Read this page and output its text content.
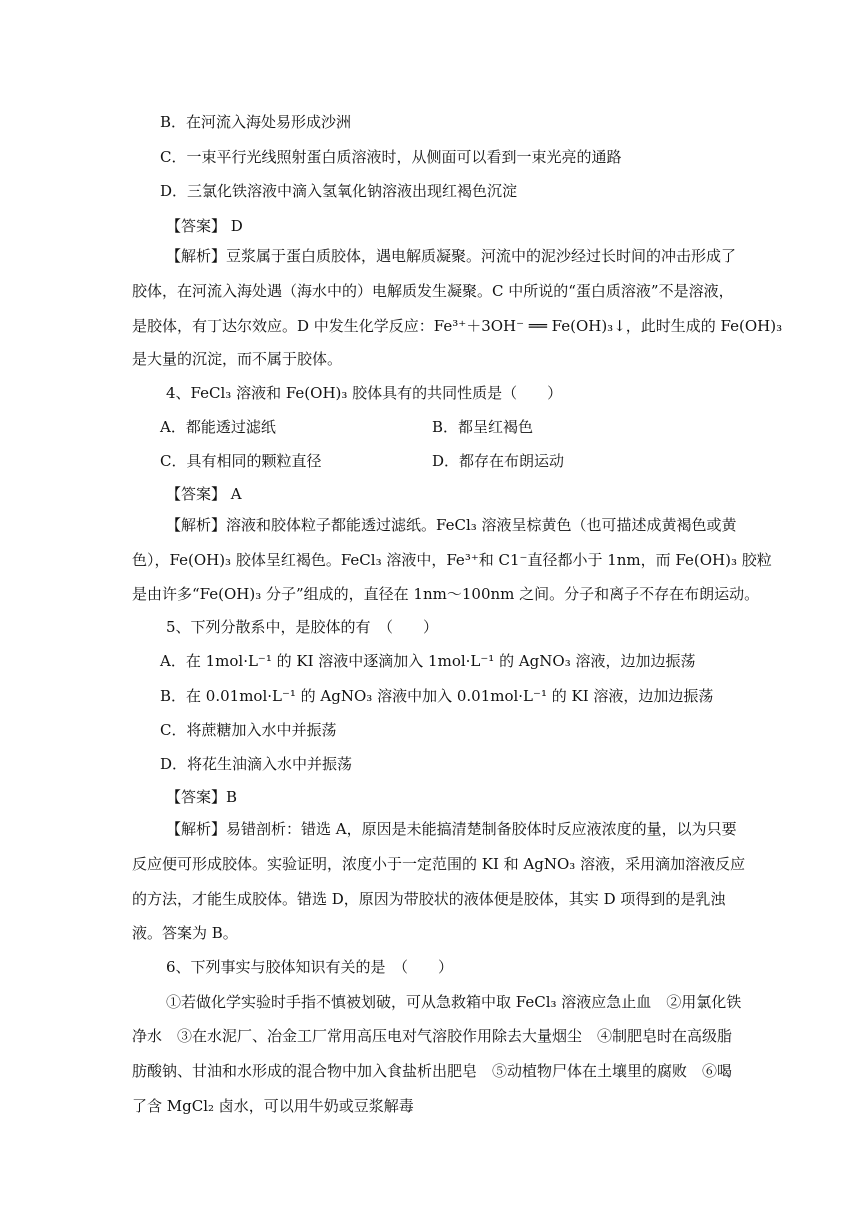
B．在河流入海处易形成沙洲
C．一束平行光线照射蛋白质溶液时，从侧面可以看到一束光亮的通路
D．三氯化铁溶液中滴入氢氧化钠溶液出现红褐色沉淀
【答案】 D
【解析】豆浆属于蛋白质胶体，遇电解质凝聚。河流中的泥沙经过长时间的冲击形成了
胶体，在河流入海处遇（海水中的）电解质发生凝聚。C 中所说的“蛋白质溶液”不是溶液，
是胶体，有丁达尔效应。D 中发生化学反应：Fe³⁺＋3OH⁻ ══ Fe(OH)₃↓，此时生成的 Fe(OH)₃
是大量的沉淀，而不属于胶体。
4、FeCl₃ 溶液和 Fe(OH)₃ 胶体具有的共同性质是（　　）
A．都能透过滤纸	B．都呈红褐色
C．具有相同的颗粒直径	D．都存在布朗运动
【答案】 A
【解析】溶液和胶体粒子都能透过滤纸。FeCl₃ 溶液呈棕黄色（也可描述成黄褐色或黄
色），Fe(OH)₃ 胶体呈红褐色。FeCl₃ 溶液中，Fe³⁺和 C1⁻直径都小于 1nm，而 Fe(OH)₃ 胶粒
是由许多“Fe(OH)₃ 分子”组成的，直径在 1nm～100nm 之间。分子和离子不存在布朗运动。
5、下列分散系中，是胶体的有　（　　）
A．在 1mol·L⁻¹ 的 KI 溶液中逐滴加入 1mol·L⁻¹ 的 AgNO₃ 溶液，边加边振荡
B．在 0.01mol·L⁻¹ 的 AgNO₃ 溶液中加入 0.01mol·L⁻¹ 的 KI 溶液，边加边振荡
C．将蔗糖加入水中并振荡
D．将花生油滴入水中并振荡
【答案】B
【解析】易错剖析：错选 A，原因是未能搞清楚制备胶体时反应液浓度的量，以为只要
反应便可形成胶体。实验证明，浓度小于一定范围的 KI 和 AgNO₃ 溶液，采用滴加溶液反应
的方法，才能生成胶体。错选 D，原因为带胶状的液体便是胶体，其实 D 项得到的是乳浊
液。答案为 B。
6、下列事实与胶体知识有关的是　（　　）
①若做化学实验时手指不慎被划破，可从急救箱中取 FeCl₃ 溶液应急止血　②用氯化铁
净水　③在水泥厂、冶金工厂常用高压电对气溶胶作用除去大量烟尘　④制肥皂时在高级脂
肪酸钠、甘油和水形成的混合物中加入食盐析出肥皂　⑤动植物尸体在土壤里的腐败　⑥喝
了含 MgCl₂ 卤水，可以用牛奶或豆浆解毒
